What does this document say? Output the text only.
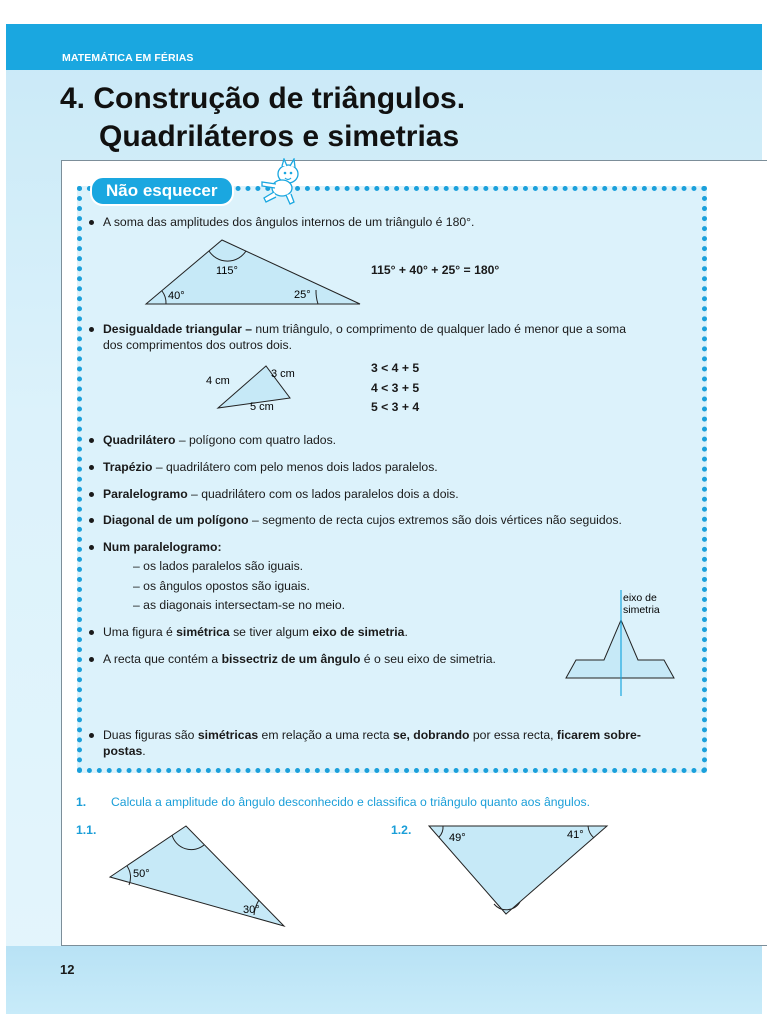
MATEMÁTICA EM FÉRIAS
4. Construção de triângulos.
Quadriláteros e simetrias
Não esquecer
A soma das amplitudes dos ângulos internos de um triângulo é 180°.
115°
40°	25°
115° + 40° + 25° = 180°
Desigualdade triangular – num triângulo, o comprimento de qualquer lado é menor que a soma
dos comprimentos dos outros dois.
4 cm
3 cm
5 cm
3 < 4 + 5
4 < 3 + 5
5 < 3 + 4
Quadrilátero – polígono com quatro lados.
Trapézio – quadrilátero com pelo menos dois lados paralelos.
Paralelogramo – quadrilátero com os lados paralelos dois a dois.
Diagonal de um polígono – segmento de recta cujos extremos são dois vértices não seguidos.
Num paralelogramo:
– os lados paralelos são iguais.
– os ângulos opostos são iguais.
– as diagonais intersectam-se no meio.
Uma figura é simétrica se tiver algum eixo de simetria.
A recta que contém a bissectriz de um ângulo é o seu eixo de simetria.
eixo de
simetria
Duas figuras são simétricas em relação a uma recta se, dobrando por essa recta, ficarem sobre-
postas.
1. Calcula a amplitude do ângulo desconhecido e classifica o triângulo quanto aos ângulos.
1.1.
50°
30°
1.2.
49°	41°
12
